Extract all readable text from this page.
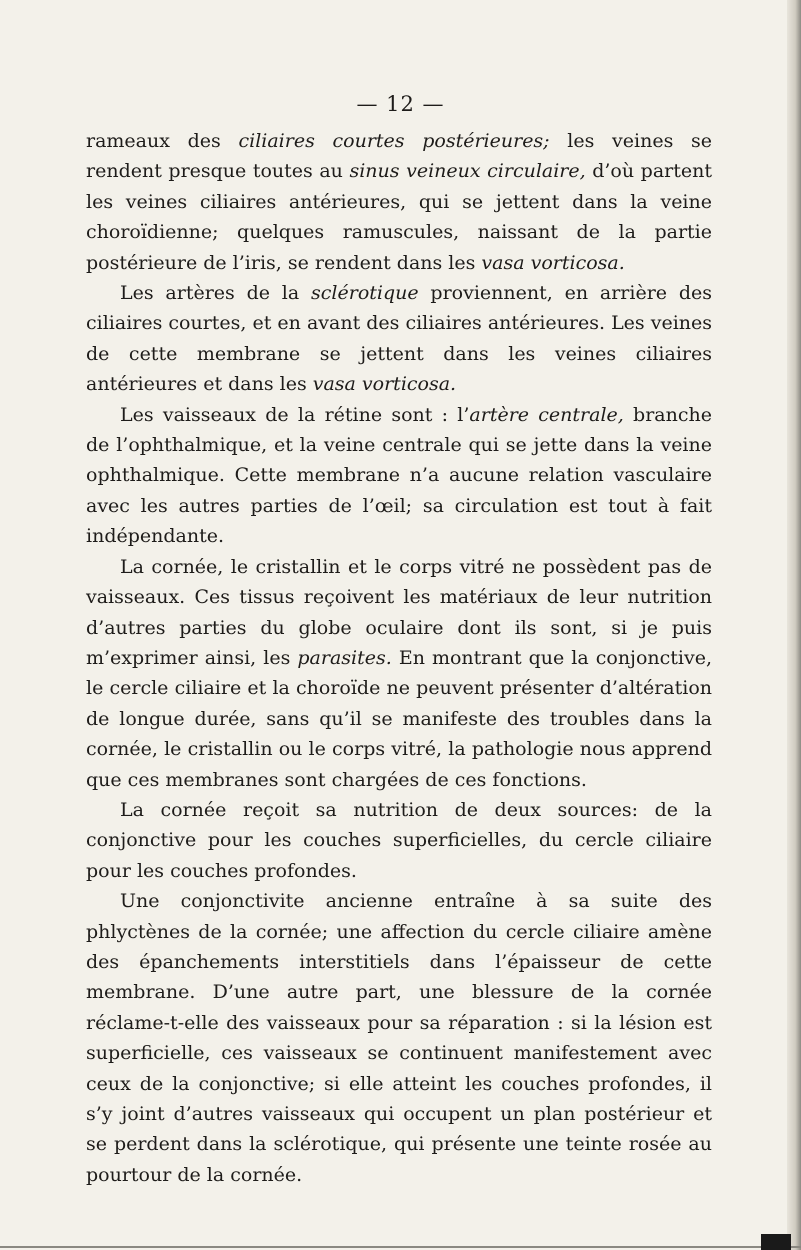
— 12 —

rameaux des ciliaires courtes postérieures; les veines se rendent presque toutes au sinus veineux circulaire, d’où partent les veines ciliaires antérieures, qui se jettent dans la veine choroïdienne; quelques ramuscules, naissant de la partie postérieure de l’iris, se rendent dans les vasa vorticosa.

Les artères de la sclérotique proviennent, en arrière des ciliaires courtes, et en avant des ciliaires antérieures. Les veines de cette membrane se jettent dans les veines ciliaires antérieures et dans les vasa vorticosa.

Les vaisseaux de la rétine sont : l’artère centrale, branche de l’ophthalmique, et la veine centrale qui se jette dans la veine ophthalmique. Cette membrane n’a aucune relation vasculaire avec les autres parties de l’œil; sa circulation est tout à fait indépendante.

La cornée, le cristallin et le corps vitré ne possèdent pas de vaisseaux. Ces tissus reçoivent les matériaux de leur nutrition d’autres parties du globe oculaire dont ils sont, si je puis m’exprimer ainsi, les parasites. En montrant que la conjonctive, le cercle ciliaire et la choroïde ne peuvent présenter d’altération de longue durée, sans qu’il se manifeste des troubles dans la cornée, le cristallin ou le corps vitré, la pathologie nous apprend que ces membranes sont chargées de ces fonctions.

La cornée reçoit sa nutrition de deux sources: de la conjonctive pour les couches superficielles, du cercle ciliaire pour les couches profondes.

Une conjonctivite ancienne entraîne à sa suite des phlyctènes de la cornée; une affection du cercle ciliaire amène des épanchements interstitiels dans l’épaisseur de cette membrane. D’une autre part, une blessure de la cornée réclame-t-elle des vaisseaux pour sa réparation : si la lésion est superficielle, ces vaisseaux se continuent manifestement avec ceux de la conjonctive; si elle atteint les couches profondes, il s’y joint d’autres vaisseaux qui occupent un plan postérieur et se perdent dans la sclérotique, qui présente une teinte rosée au pourtour de la cornée.
